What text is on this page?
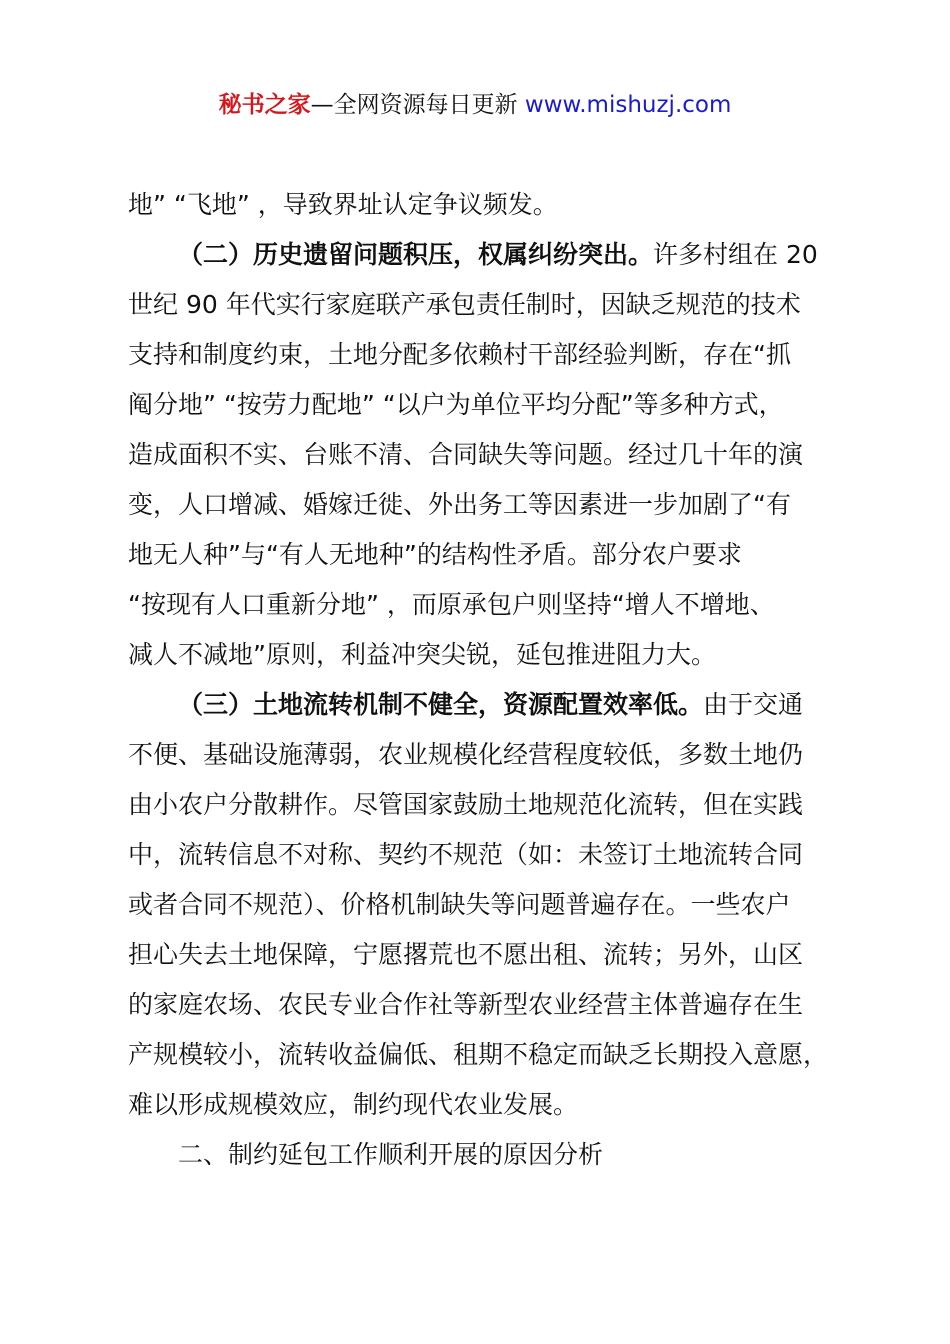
秘书之家—全网资源每日更新 www.mishuzj.com
地” “飞地” ，导致界址认定争议频发。
（二）历史遗留问题积压，权属纠纷突出。许多村组在 20
世纪 90 年代实行家庭联产承包责任制时，因缺乏规范的技术
支持和制度约束，土地分配多依赖村干部经验判断，存在“抓
阄分地” “按劳力配地” “以户为单位平均分配”等多种方式，
造成面积不实、台账不清、合同缺失等问题。经过几十年的演
变，人口增减、婚嫁迁徙、外出务工等因素进一步加剧了“有
地无人种”与“有人无地种”的结构性矛盾。部分农户要求
“按现有人口重新分地” ，而原承包户则坚持“增人不增地、
减人不减地”原则，利益冲突尖锐，延包推进阻力大。
（三）土地流转机制不健全，资源配置效率低。由于交通
不便、基础设施薄弱，农业规模化经营程度较低，多数土地仍
由小农户分散耕作。尽管国家鼓励土地规范化流转，但在实践
中，流转信息不对称、契约不规范（如：未签订土地流转合同
或者合同不规范）、价格机制缺失等问题普遍存在。一些农户
担心失去土地保障，宁愿撂荒也不愿出租、流转；另外，山区
的家庭农场、农民专业合作社等新型农业经营主体普遍存在生
产规模较小，流转收益偏低、租期不稳定而缺乏长期投入意愿，
难以形成规模效应，制约现代农业发展。
二、制约延包工作顺利开展的原因分析
